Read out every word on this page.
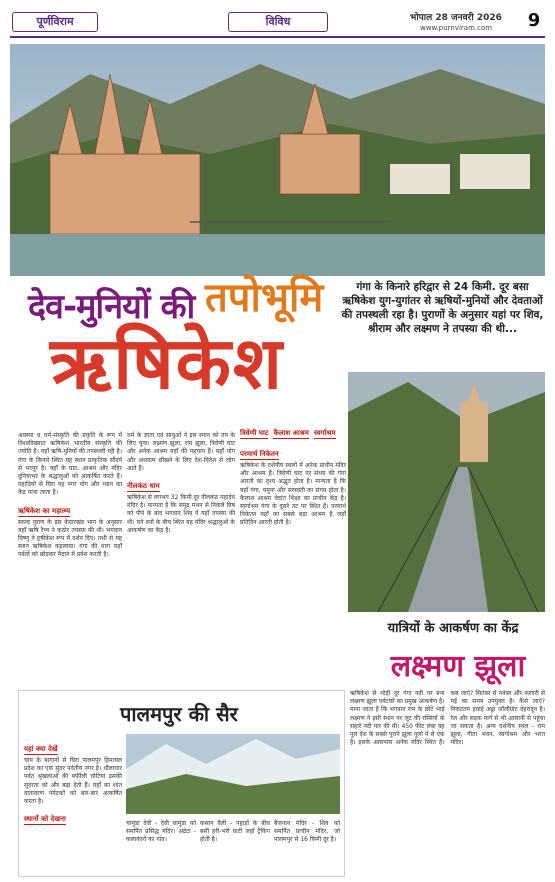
पूर्णविराम	विविध	भोपाल 28 जनवरी 2026
www.purnviram.com	9
देव-मुनियों की तपोभूमि
ऋषिकेश
गंगा के किनारे हरिद्वार से 24 किमी. दूर बसा ऋषिकेश युग-युगांतर से ऋषियों-मुनियों और देवताओं की तपस्थली रहा है। पुराणों के अनुसार यहां पर शिव, श्रीराम और लक्ष्मण ने तपस्या की थी...
अवस्था व धर्म-संस्कृति की प्रकृति के रूप में विश्वविख्यात ऋषिकेश भारतीय संस्कृति की ज्योति है। यहाँ ऋषि-मुनियों की तपस्थली रही है। गंगा के किनारे स्थित यह स्थान प्राकृतिक सौंदर्य से भरपूर है। यहाँ के घाट, आश्रम और मंदिर दुनियाभर के श्रद्धालुओं को आकर्षित करते हैं। पहाड़ियों से घिरा यह नगर योग और ध्यान का केंद्र माना जाता है।
ऋषिकेश का महात्म्य
स्कन्द पुराण के इस केदारखंड भाग के अनुसार यहाँ ऋषि रैभ्य ने कठोर तपस्या की थी। भगवान विष्णु ने हृषीकेश रूप में दर्शन दिए। तभी से यह स्थान ऋषिकेश कहलाया। गंगा की धारा यहाँ पर्वतों को छोड़कर मैदान में प्रवेश करती है।
धर्म के ज्ञाता एवं साधुओं ने इस स्थान को तप के लिए चुना। लक्ष्मण झूला, राम झूला, त्रिवेणी घाट और अनेक आश्रम यहाँ की पहचान हैं। यहाँ योग और अध्यात्म सीखने के लिए देश-विदेश से लोग आते हैं।
नीलकंठ धाम
ऋषिकेश से लगभग 32 किमी दूर नीलकंठ महादेव मंदिर है। मान्यता है कि समुद्र मंथन से निकले विष को पीने के बाद भगवान शिव ने यहाँ तपस्या की थी। घने वनों के बीच स्थित यह मंदिर श्रद्धालुओं के आकर्षण का केंद्र है।
त्रिवेणी घाट कैलाश आश्रम स्वर्गाश्रम परमार्थ निकेतन
ऋषिकेश के दर्शनीय स्थलों में अनेक प्राचीन मंदिर और आश्रम हैं। त्रिवेणी घाट पर संध्या की गंगा आरती का दृश्य अद्भुत होता है। मान्यता है कि यहाँ गंगा, यमुना और सरस्वती का संगम होता है। कैलाश आश्रम वेदांत शिक्षा का प्राचीन केंद्र है। स्वर्गाश्रम गंगा के दूसरे तट पर स्थित है। परमार्थ निकेतन यहाँ का सबसे बड़ा आश्रम है जहाँ प्रतिदिन आरती होती है।
यात्रियों के आकर्षण का केंद्र
लक्ष्मण झूला
ऋषिकेश से थोड़ी दूर गंगा नदी पर बना लक्ष्मण झूला पर्यटकों का प्रमुख आकर्षण है। माना जाता है कि भगवान राम के छोटे भाई लक्ष्मण ने इसी स्थान पर जूट की रस्सियों के सहारे नदी पार की थी। 450 फीट लंबा यह पुल देश के सबसे पुराने झूला पुलों में से एक है। इसके आसपास अनेक मंदिर स्थित हैं। कब जाएं? सितंबर से नवंबर और फरवरी से मई का समय उपयुक्त है। कैसे जाएं? निकटतम हवाई अड्डा जॉलीग्रांट देहरादून है। रेल और सड़क मार्ग से भी आसानी से पहुंचा जा सकता है। अन्य दर्शनीय स्थल - राम झूला, गीता भवन, स्वर्गाश्रम और भरत मंदिर।
पालमपुर की सैर
यहां क्या देखें
चाय के बागानों से घिरा पालमपुर हिमाचल प्रदेश का एक सुंदर पर्वतीय नगर है। धौलाधार पर्वत श्रृंखलाओं की बर्फीली चोटियां इसकी सुंदरता को और बढ़ा देती हैं। यहाँ का शांत वातावरण पर्यटकों को बार-बार आकर्षित करता है।
स्थानों को देखना
चामुंडा देवी - देवी चामुंडा को समर्पित प्रसिद्ध मंदिर। अंद्रेटा - कलाकारों का गांव।
कसान वैली - पहाड़ों के बीच बसी हरी-भरी घाटी जहाँ ट्रैकिंग होती है।
बैजनाथ मंदिर - शिव को समर्पित प्राचीन मंदिर, जो पालमपुर से 16 किमी दूर है।
